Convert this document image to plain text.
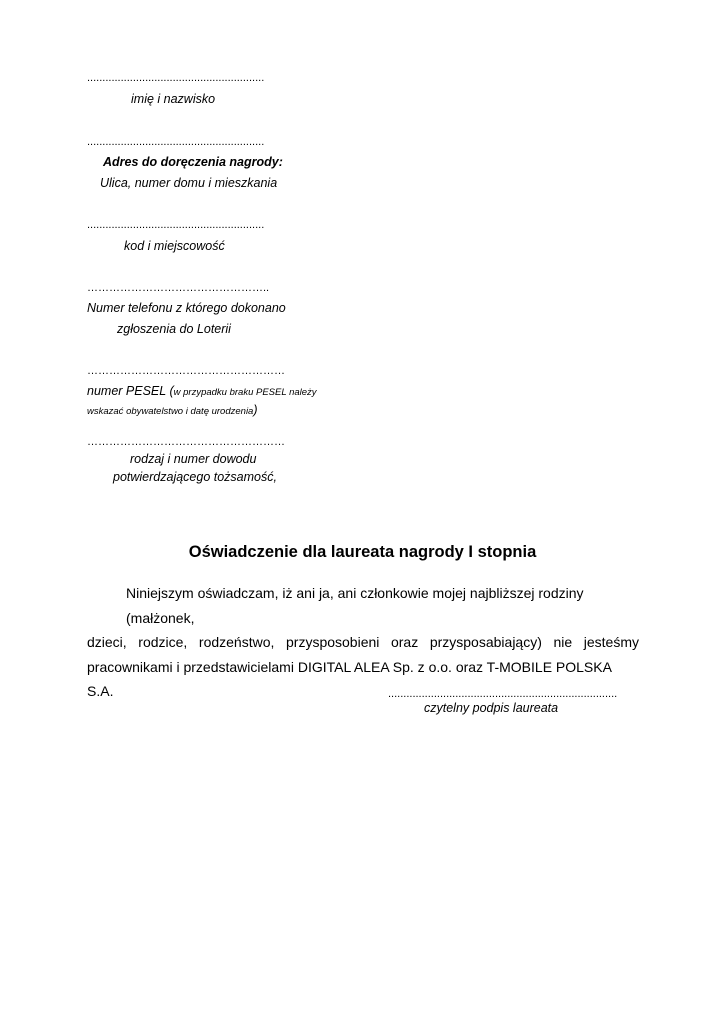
..........................................................
imię i nazwisko
..........................................................
Adres do doręczenia nagrody:
Ulica, numer domu i mieszkania
..........................................................
kod i miejscowość
…………………………………………..
Numer telefonu z którego dokonano
zgłoszenia do Loterii
………………………………………………
numer PESEL (w przypadku braku PESEL należy
wskazać obywatelstwo i datę urodzenia)
………………………………………………
rodzaj i numer dowodu
potwierdzającego tożsamość,
Oświadczenie dla laureata nagrody I stopnia
Niniejszym oświadczam, iż ani ja, ani członkowie mojej najbliższej rodziny (małżonek,
dzieci, rodzice, rodzeństwo, przysposobieni oraz przysposabiający) nie jesteśmy
pracownikami i przedstawicielami DIGITAL ALEA Sp. z o.o. oraz T-MOBILE POLSKA S.A.	...........................................................................
czytelny podpis laureata
